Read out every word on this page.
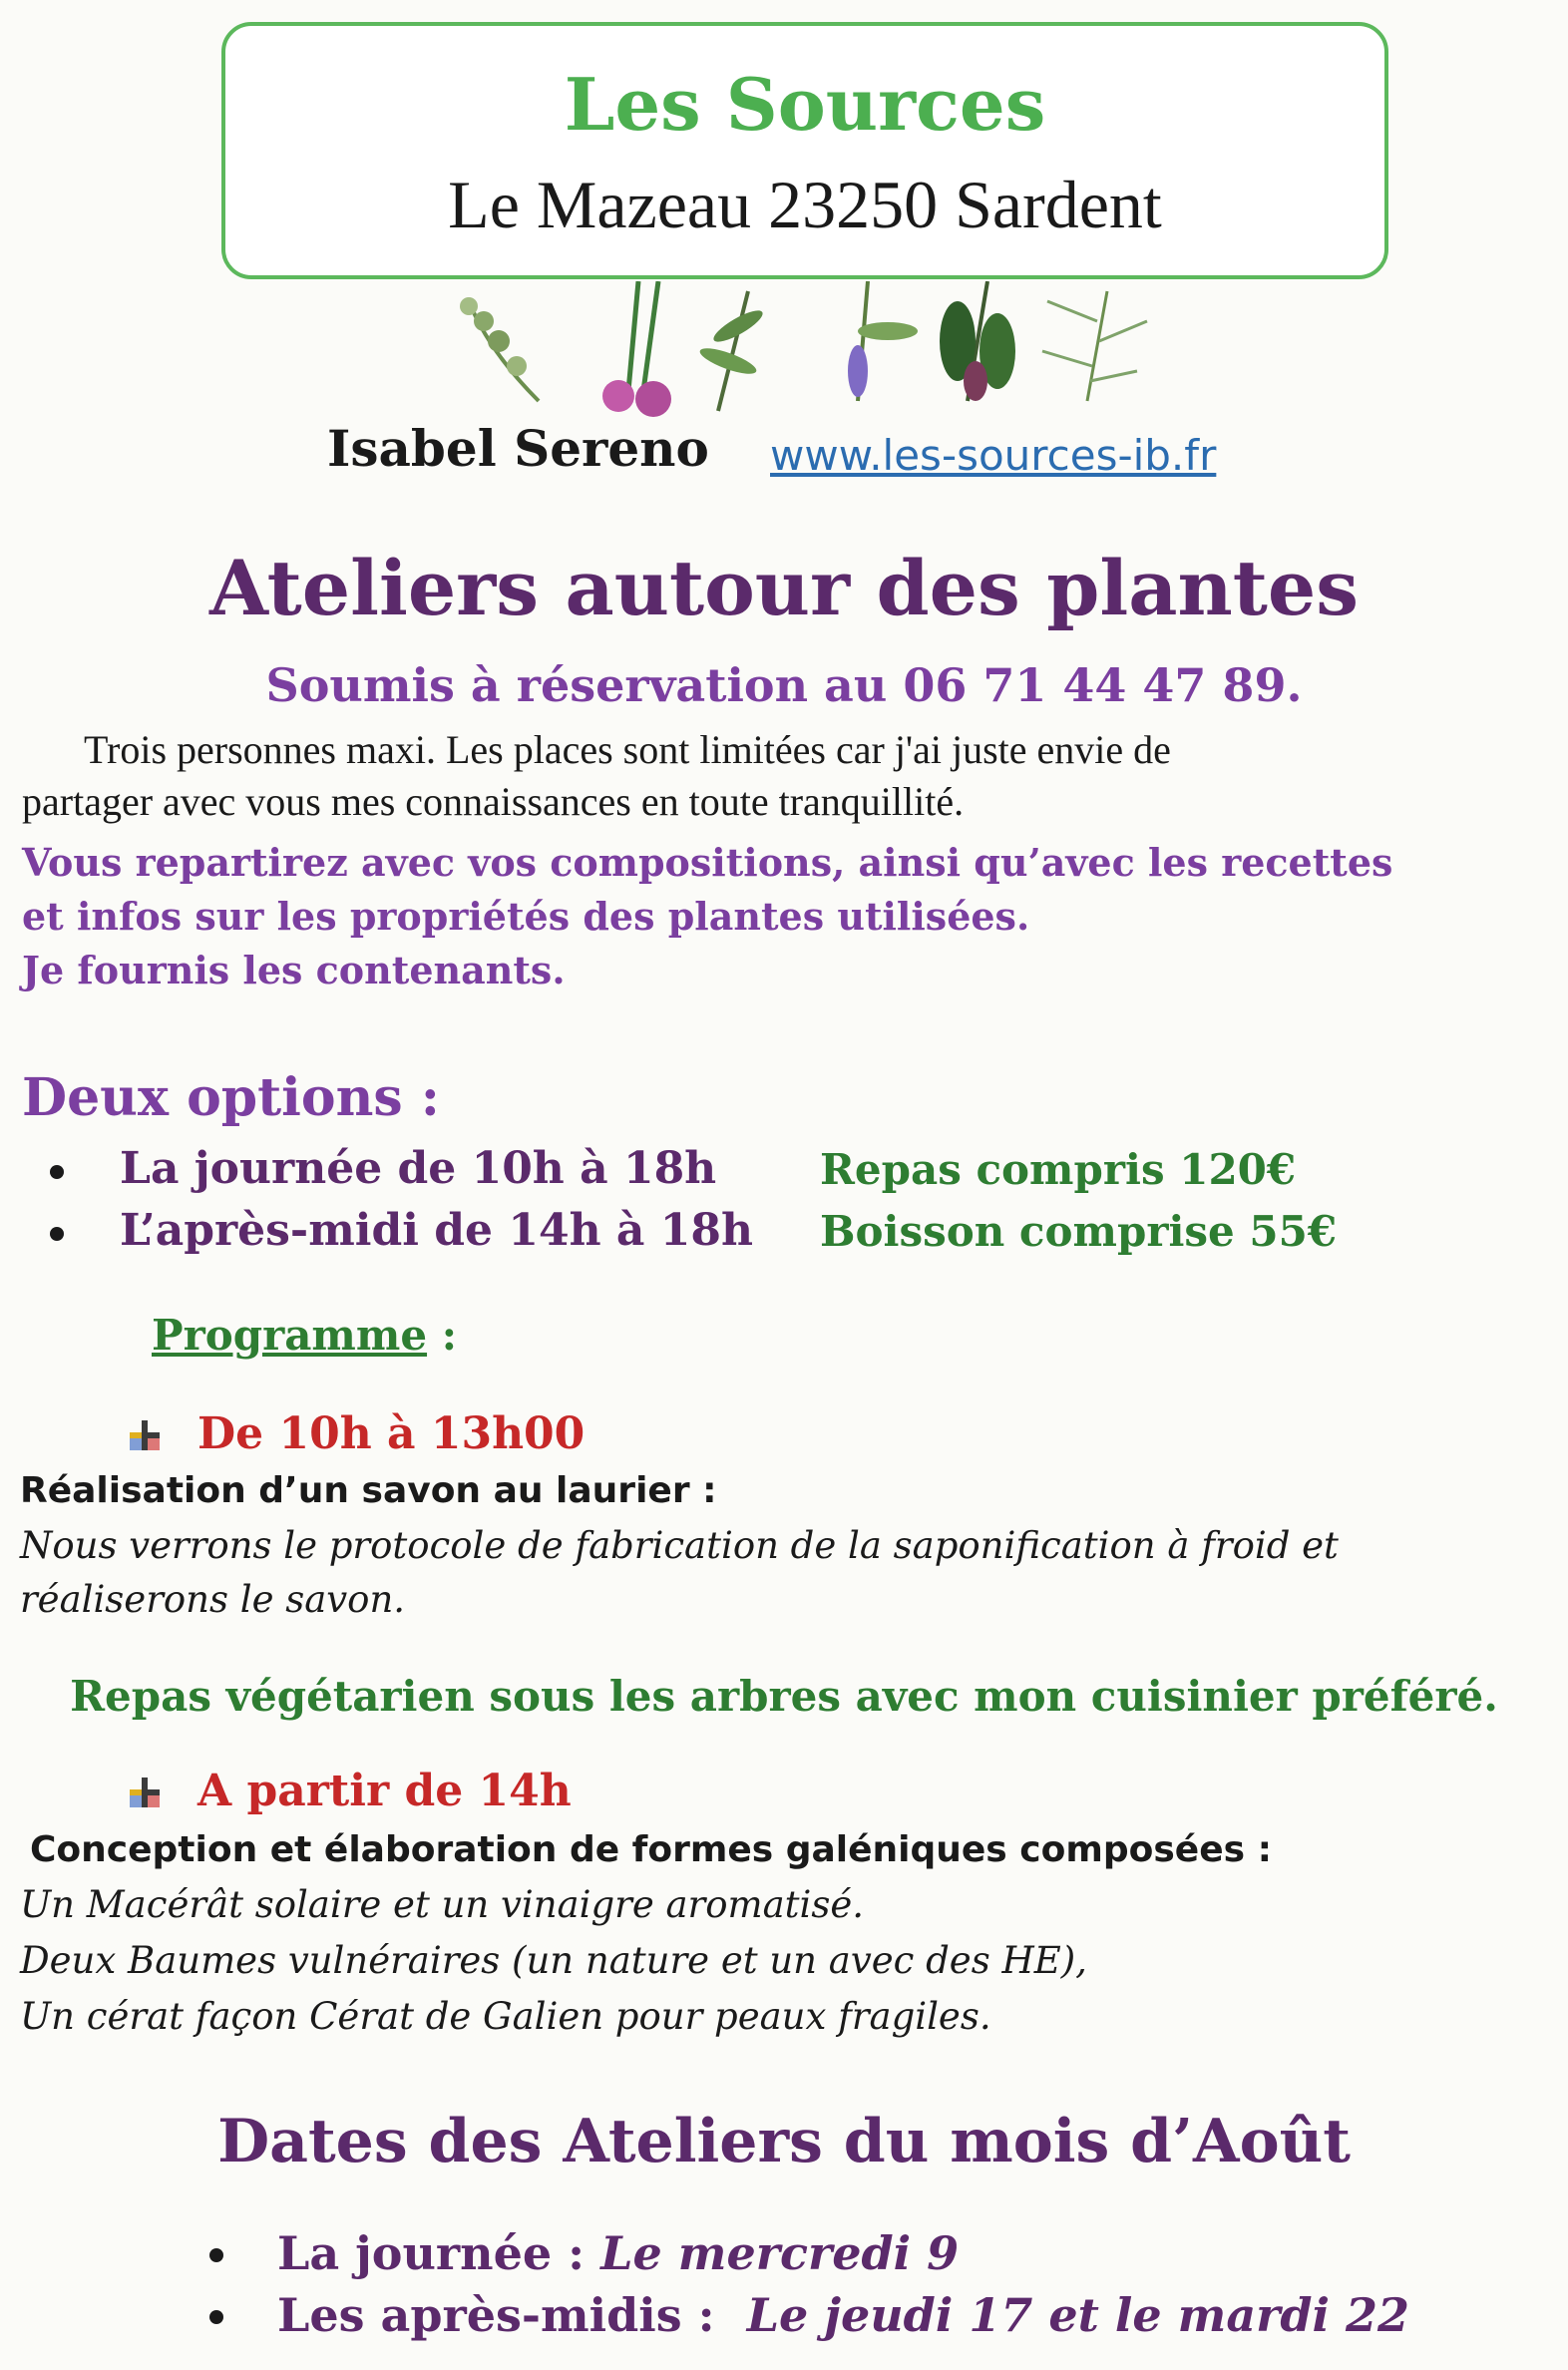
Les Sources
Le Mazeau 23250 Sardent
Isabel Sereno www.les-sources-ib.fr
Ateliers autour des plantes
Soumis à réservation au 06 71 44 47 89.
Trois personnes maxi. Les places sont limitées car j'ai juste envie de
partager avec vous mes connaissances en toute tranquillité.
Vous repartirez avec vos compositions, ainsi qu’avec les recettes
et infos sur les propriétés des plantes utilisées.
Je fournis les contenants.
Deux options :
La journée de 10h à 18h Repas compris 120€
L’après-midi de 14h à 18h Boisson comprise 55€
Programme :
De 10h à 13h00
Réalisation d’un savon au laurier :
Nous verrons le protocole de fabrication de la saponification à froid et
réaliserons le savon.
Repas végétarien sous les arbres avec mon cuisinier préféré.
A partir de 14h
Conception et élaboration de formes galéniques composées :
Un Macérât solaire et un vinaigre aromatisé.
Deux Baumes vulnéraires (un nature et un avec des HE),
Un cérat façon Cérat de Galien pour peaux fragiles.
Dates des Ateliers du mois d’Août
La journée : Le mercredi 9
Les après-midis :  Le jeudi 17 et le mardi 22
